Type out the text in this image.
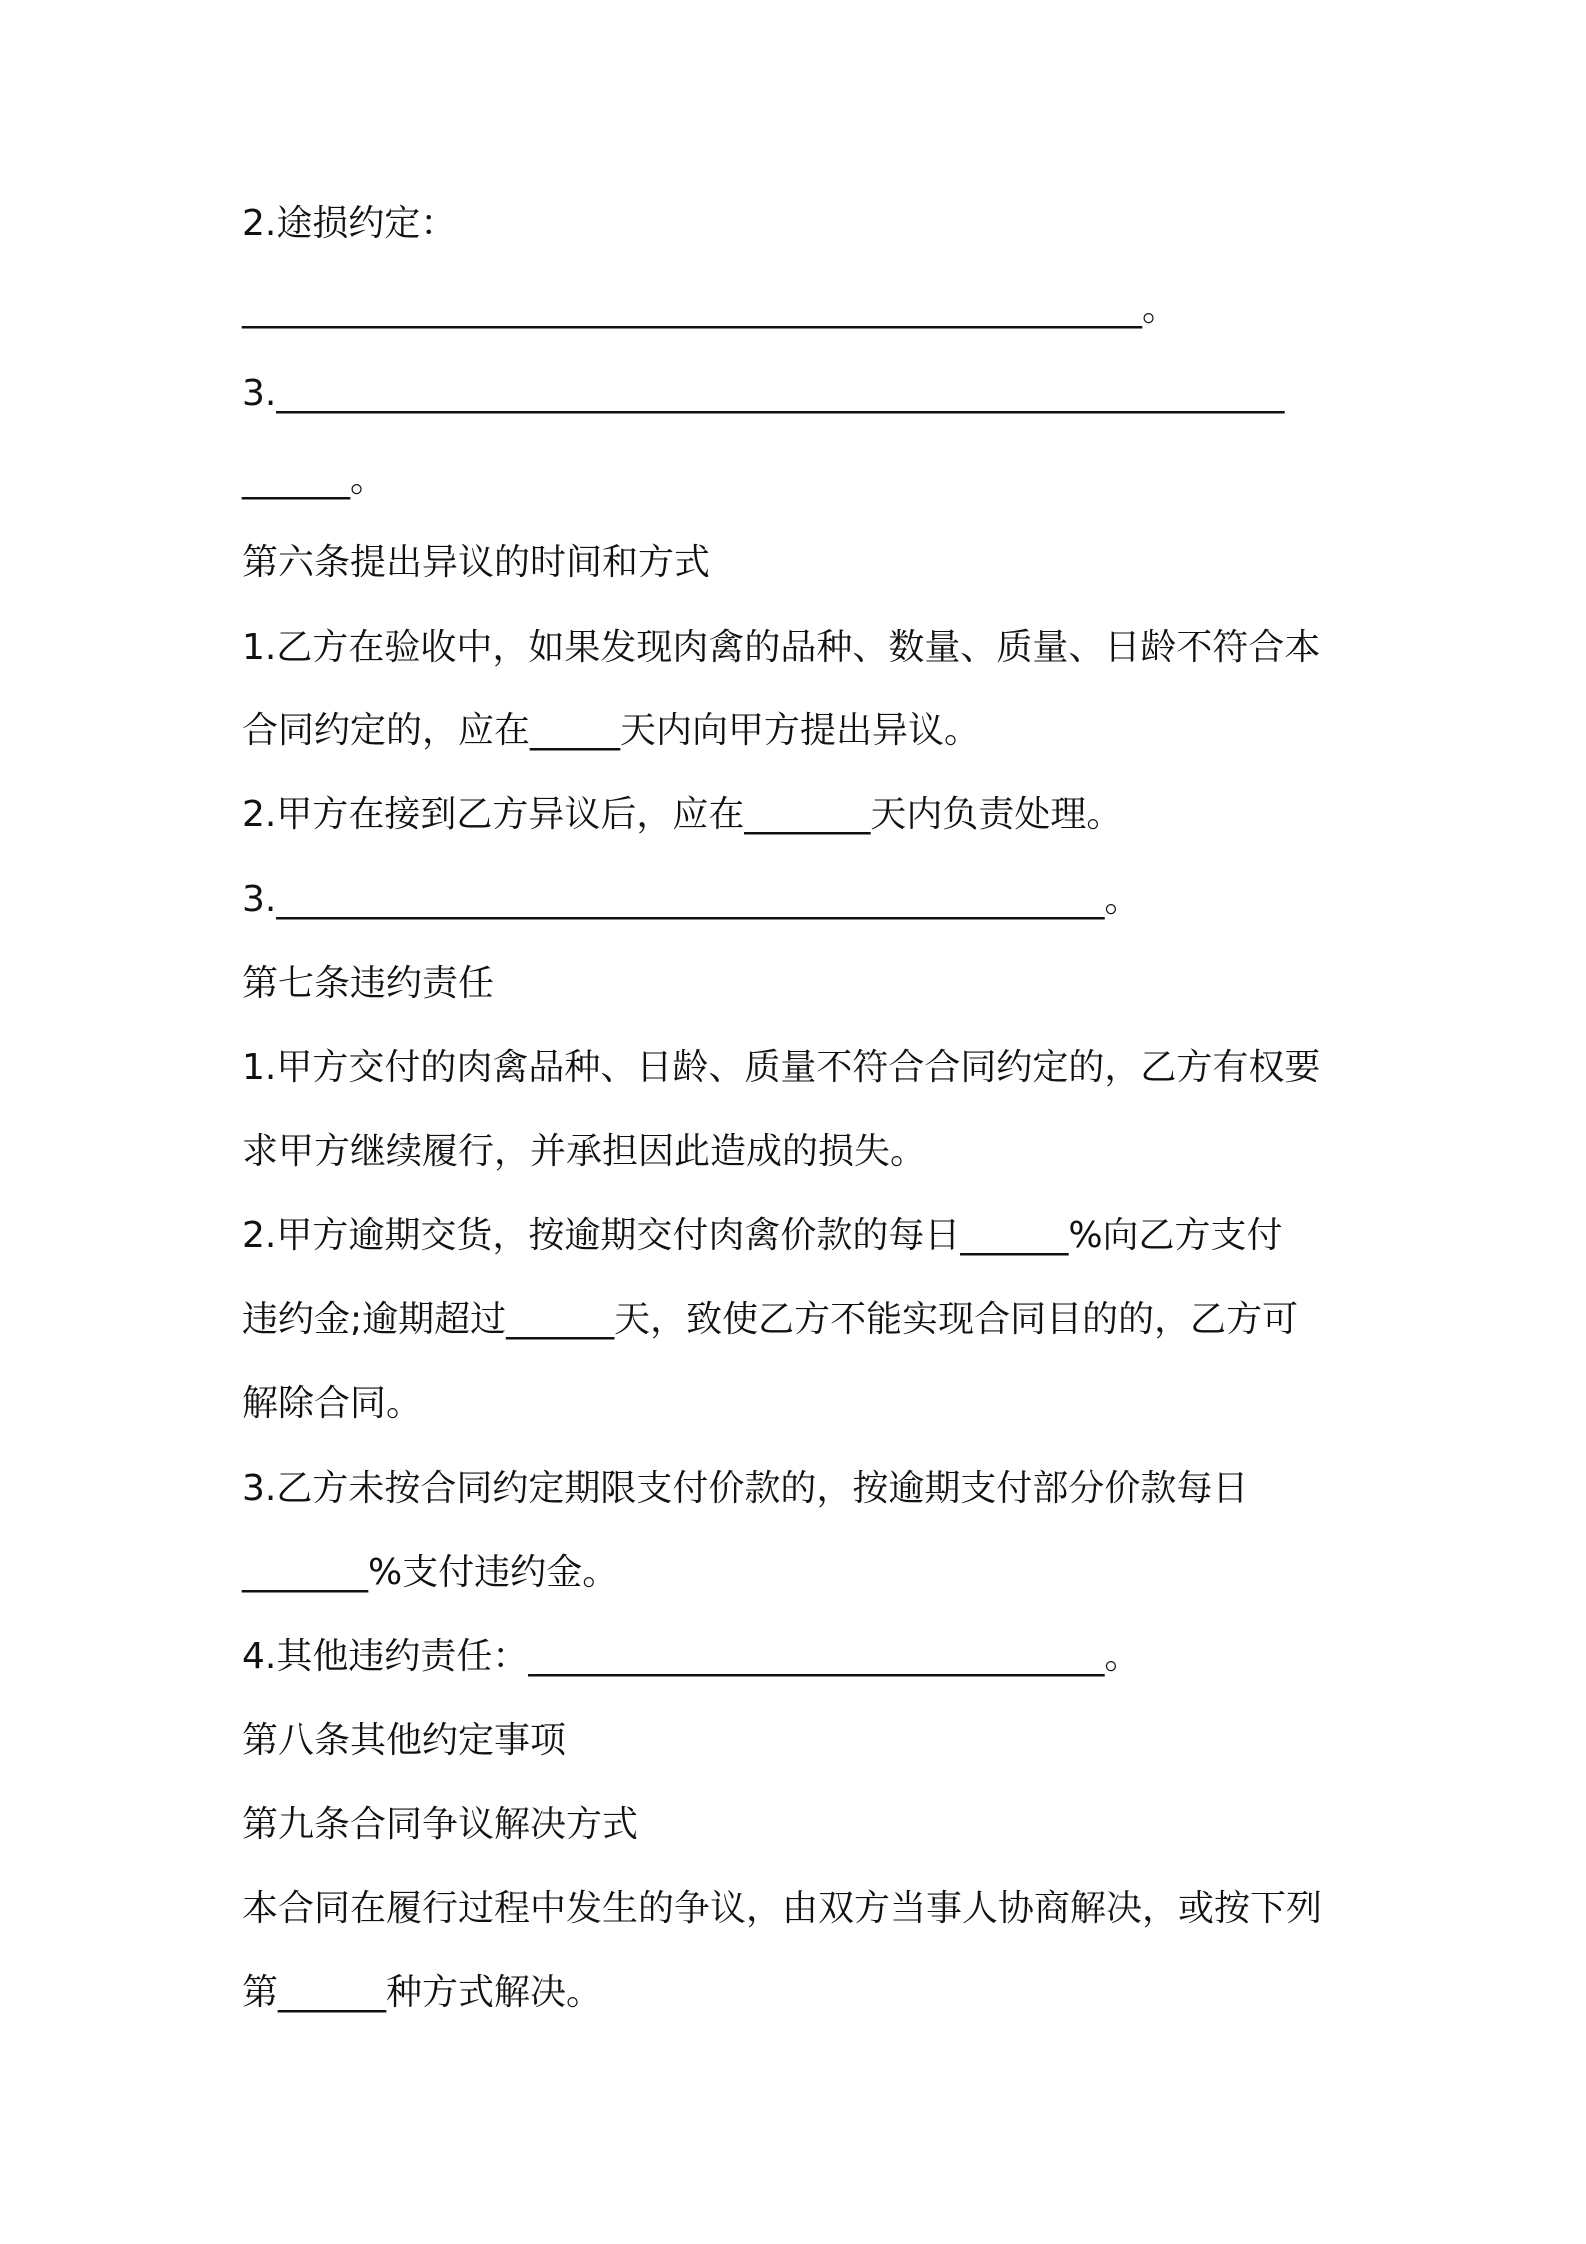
2.途损约定：
__________________________________________________。
3.________________________________________________________
______。
第六条提出异议的时间和方式
1.乙方在验收中，如果发现肉禽的品种、数量、质量、日龄不符合本
合同约定的，应在_____天内向甲方提出异议。
2.甲方在接到乙方异议后，应在_______天内负责处理。
3.______________________________________________。
第七条违约责任
1.甲方交付的肉禽品种、日龄、质量不符合合同约定的，乙方有权要
求甲方继续履行，并承担因此造成的损失。
2.甲方逾期交货，按逾期交付肉禽价款的每日______%向乙方支付
违约金;逾期超过______天，致使乙方不能实现合同目的的，乙方可
解除合同。
3.乙方未按合同约定期限支付价款的，按逾期支付部分价款每日
_______%支付违约金。
4.其他违约责任：________________________________。
第八条其他约定事项
第九条合同争议解决方式
本合同在履行过程中发生的争议，由双方当事人协商解决，或按下列
第______种方式解决。
